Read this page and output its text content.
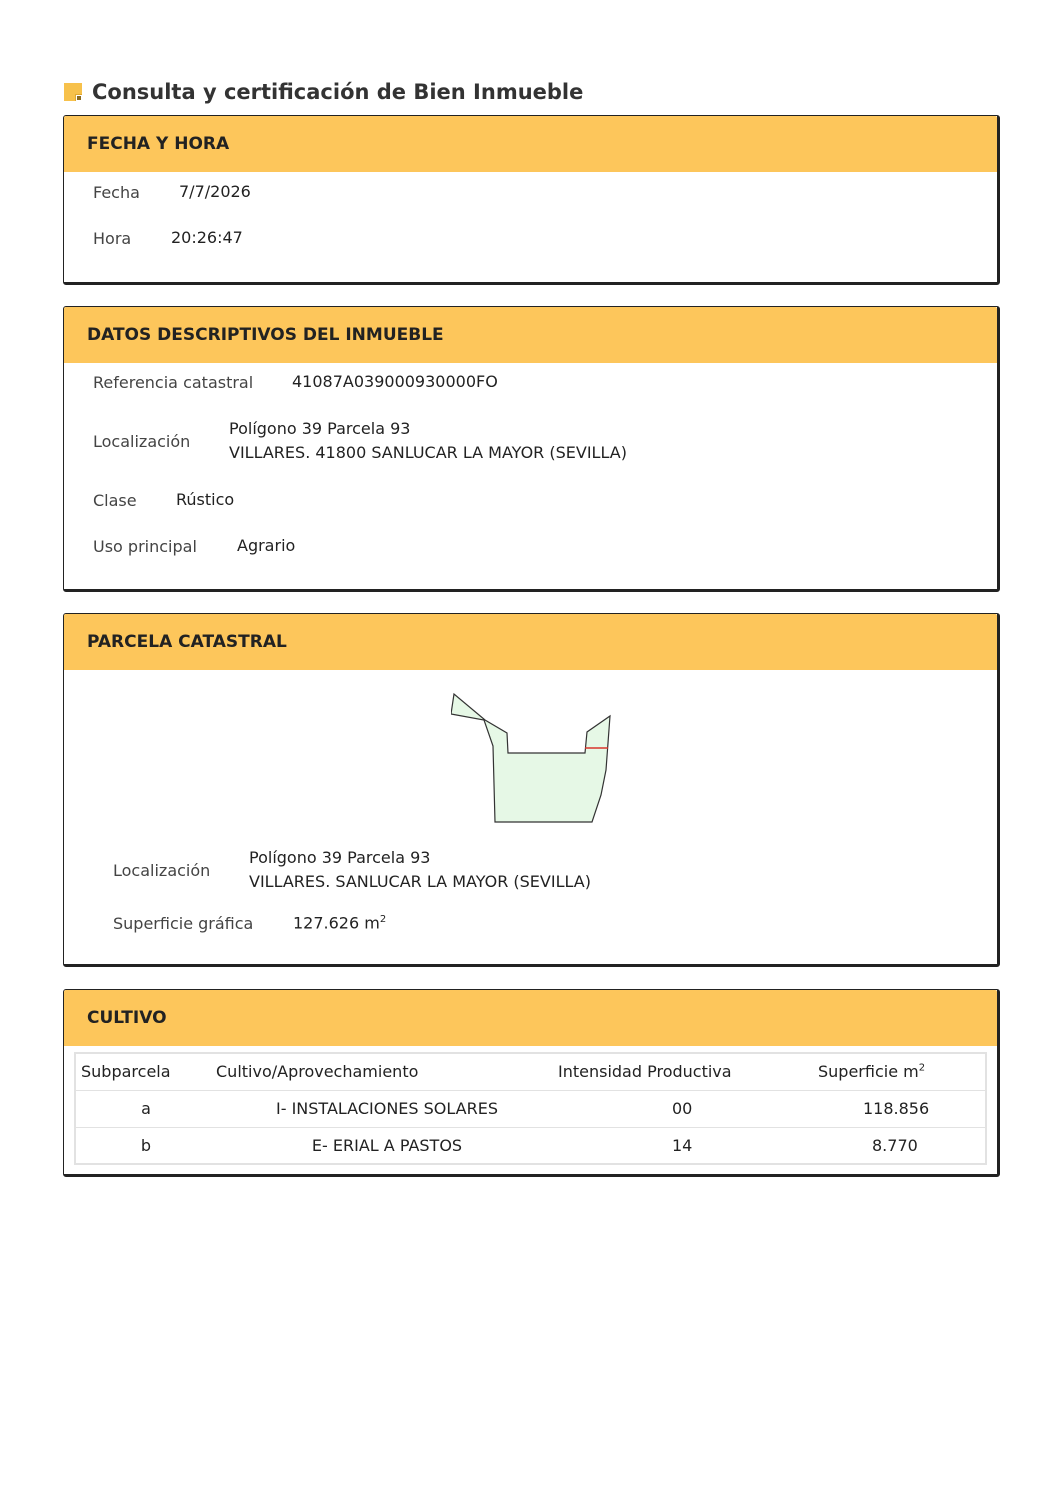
Consulta y certificación de Bien Inmueble
FECHA Y HORA
Fecha	7/7/2026
Hora	20:26:47
DATOS DESCRIPTIVOS DEL INMUEBLE
Referencia catastral	41087A039000930000FO
Localización
Polígono 39 Parcela 93
VILLARES. 41800 SANLUCAR LA MAYOR (SEVILLA)
Clase	Rústico
Uso principal	Agrario
PARCELA CATASTRAL
Localización
Polígono 39 Parcela 93
VILLARES. SANLUCAR LA MAYOR (SEVILLA)
Superficie gráfica	127.626 $m^2$
CULTIVO
Subparcela	Cultivo/Aprovechamiento	Intensidad Productiva	Superficie $m^2$
a	I- INSTALACIONES SOLARES	00	118.856
b	E- ERIAL A PASTOS	14	8.770
